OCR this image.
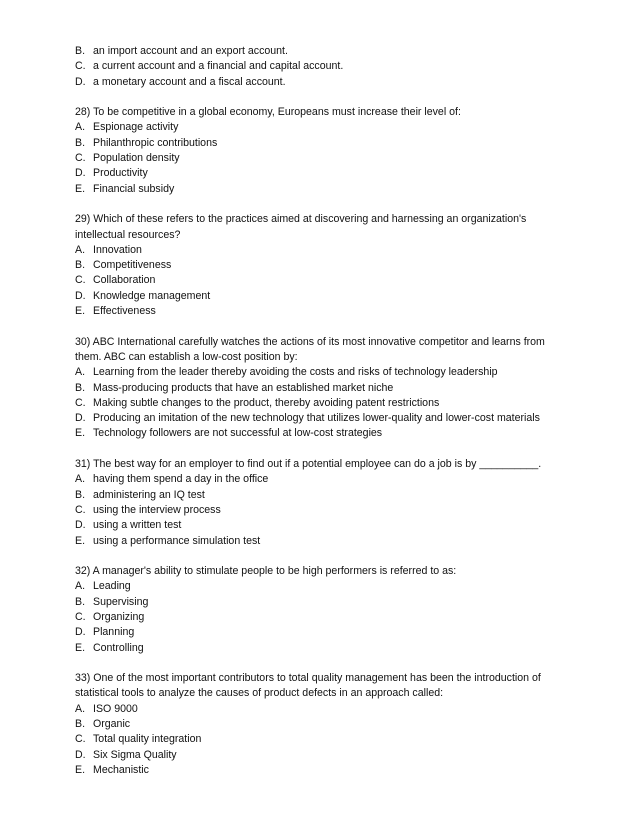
B. an import account and an export account.
C. a current account and a financial and capital account.
D. a monetary account and a fiscal account.
28) To be competitive in a global economy, Europeans must increase their level of:
A. Espionage activity
B. Philanthropic contributions
C. Population density
D. Productivity
E. Financial subsidy
29) Which of these refers to the practices aimed at discovering and harnessing an organization's
intellectual resources?
A. Innovation
B. Competitiveness
C. Collaboration
D. Knowledge management
E. Effectiveness
30) ABC International carefully watches the actions of its most innovative competitor and learns from
them. ABC can establish a low-cost position by:
A. Learning from the leader thereby avoiding the costs and risks of technology leadership
B. Mass-producing products that have an established market niche
C. Making subtle changes to the product, thereby avoiding patent restrictions
D. Producing an imitation of the new technology that utilizes lower-quality and lower-cost materials
E. Technology followers are not successful at low-cost strategies
31) The best way for an employer to find out if a potential employee can do a job is by __________.
A. having them spend a day in the office
B. administering an IQ test
C. using the interview process
D. using a written test
E. using a performance simulation test
32) A manager's ability to stimulate people to be high performers is referred to as:
A. Leading
B. Supervising
C. Organizing
D. Planning
E. Controlling
33) One of the most important contributors to total quality management has been the introduction of
statistical tools to analyze the causes of product defects in an approach called:
A. ISO 9000
B. Organic
C. Total quality integration
D. Six Sigma Quality
E. Mechanistic
